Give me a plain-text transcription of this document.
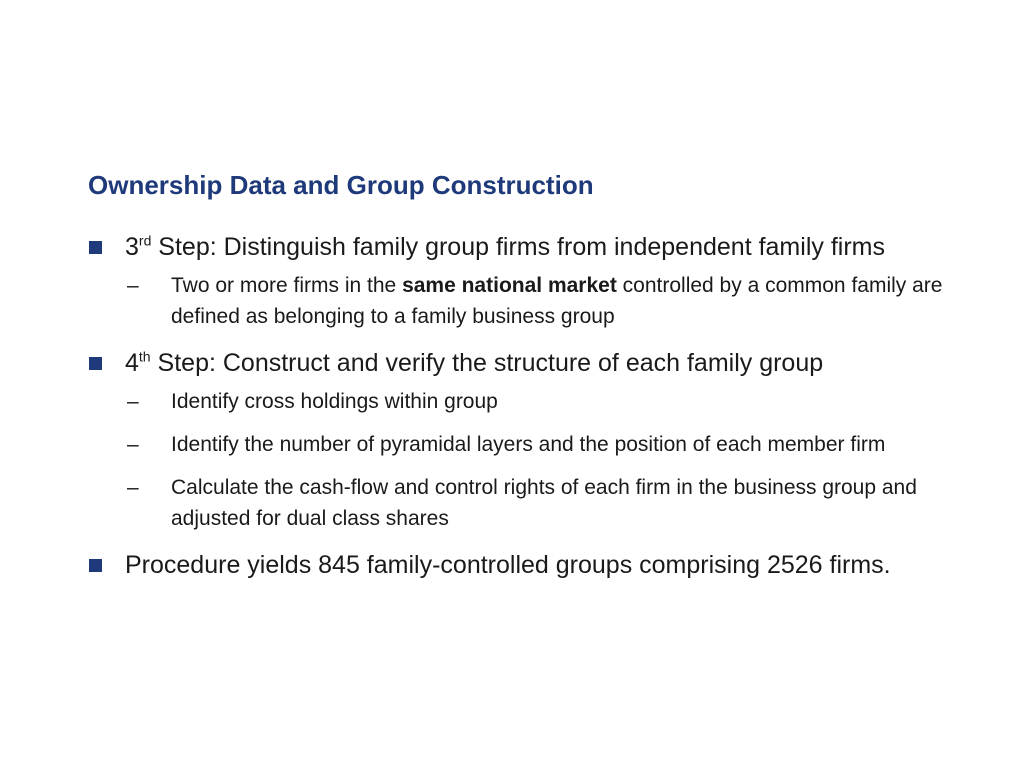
Ownership Data and Group Construction
3rd Step: Distinguish family group firms from independent family firms
– Two or more firms in the same national market controlled by a common family are defined as belonging to a family business group
4th Step: Construct and verify the structure of each family group
– Identify cross holdings within group
– Identify the number of pyramidal layers and the position of each member firm
– Calculate the cash-flow and control rights of each firm in the business group and adjusted for dual class shares
Procedure yields 845 family-controlled groups comprising 2526 firms.
